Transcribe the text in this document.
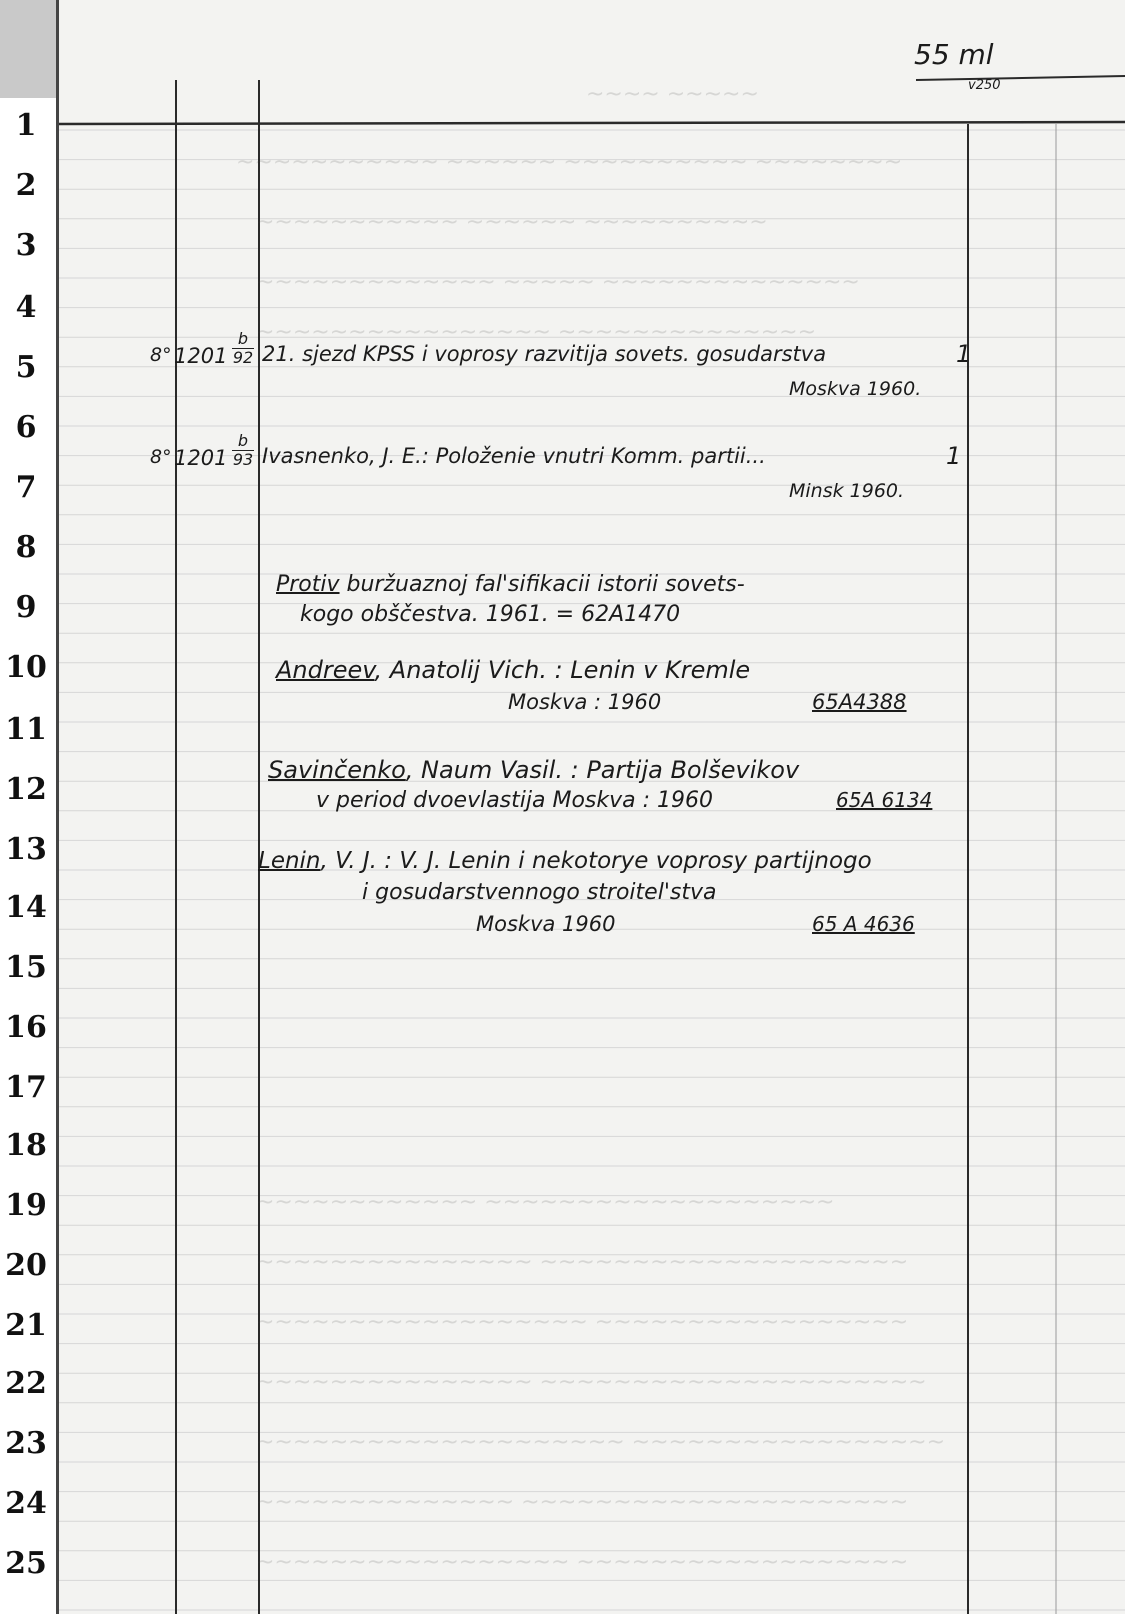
1
2
3
4
5
6
7
8
9
10
11
12
13
14
15
16
17
18
19
20
21
22
23
24
25
~~~~ ~~~~~
~~~~~~~~~~~ ~~~~~~ ~~~~~~~~~~ ~~~~~~~~
~~~~~~~~~~~ ~~~~~~ ~~~~~~~~~~
~~~~~~~~~~~~~ ~~~~~ ~~~~~~~~~~~~~~
~~~~~~~~~~~~~~~~ ~~~~~~~~~~~~~~
~~~~~~~~~~~~ ~~~~~~~~~~~~~~~~~~~
~~~~~~~~~~~~~~~ ~~~~~~~~~~~~~~~~~~~~
~~~~~~~~~~~~~~~~~~ ~~~~~~~~~~~~~~~~~
~~~~~~~~~~~~~~~ ~~~~~~~~~~~~~~~~~~~~~
~~~~~~~~~~~~~~~~~~~~ ~~~~~~~~~~~~~~~~~
~~~~~~~~~~~~~~ ~~~~~~~~~~~~~~~~~~~~~
~~~~~~~~~~~~~~~~~ ~~~~~~~~~~~~~~~~~~
55 ml
v250
8° $1201 \frac{b}{92} 21$. sjezd KPSS i voprosy razvitija sovets. gosudarstva
Moskva 1960.
1
8° $1201 \frac{b}{93}$ Ivasnenko, J. E.: Položenie vnutri Komm. partii...
Minsk 1960.
1
Protiv buržuaznoj fal'sifikacii istorii sovets-
kogo obščestva. 1961. = 62A1470
Andreev, Anatolij Vich. : Lenin v Kremle
Moskva : 1960	65A4388
Savinčenko, Naum Vasil. : Partija Bolševikov
v period dvoevlastija Moskva : 1960	65A 6134
Lenin, V. J. : V. J. Lenin i nekotorye voprosy partijnogo
i gosudarstvennogo stroitel'stva
Moskva 1960	65 A 4636
